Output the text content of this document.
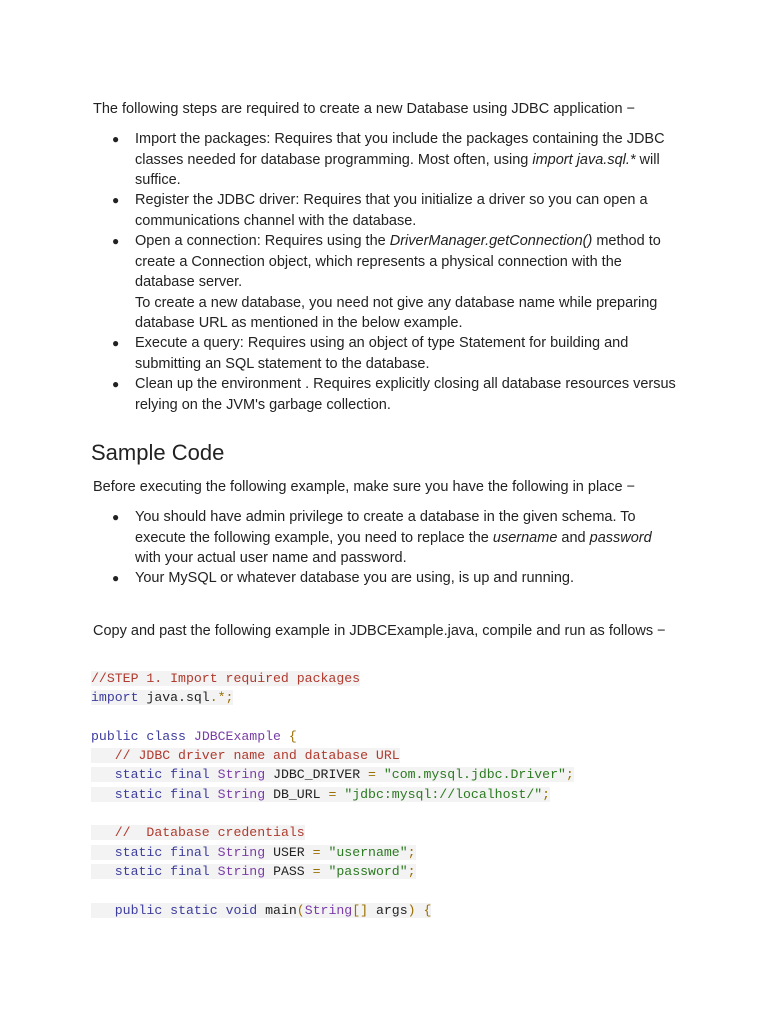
The following steps are required to create a new Database using JDBC application −

● Import the packages: Requires that you include the packages containing the JDBC classes needed for database programming. Most often, using import java.sql.* will suffice.
● Register the JDBC driver: Requires that you initialize a driver so you can open a communications channel with the database.
● Open a connection: Requires using the DriverManager.getConnection() method to create a Connection object, which represents a physical connection with the database server.
To create a new database, you need not give any database name while preparing database URL as mentioned in the below example.
● Execute a query: Requires using an object of type Statement for building and submitting an SQL statement to the database.
● Clean up the environment . Requires explicitly closing all database resources versus relying on the JVM's garbage collection.
Sample Code

Before executing the following example, make sure you have the following in place −

● You should have admin privilege to create a database in the given schema. To execute the following example, you need to replace the username and password with your actual user name and password.
● Your MySQL or whatever database you are using, is up and running.

Copy and past the following example in JDBCExample.java, compile and run as follows −

//STEP 1. Import required packages
import java.sql.*;

public class JDBCExample {
// JDBC driver name and database URL
static final String JDBC_DRIVER = "com.mysql.jdbc.Driver";
static final String DB_URL = "jdbc:mysql://localhost/";

//  Database credentials
static final String USER = "username";
static final String PASS = "password";

public static void main(String[] args) {
